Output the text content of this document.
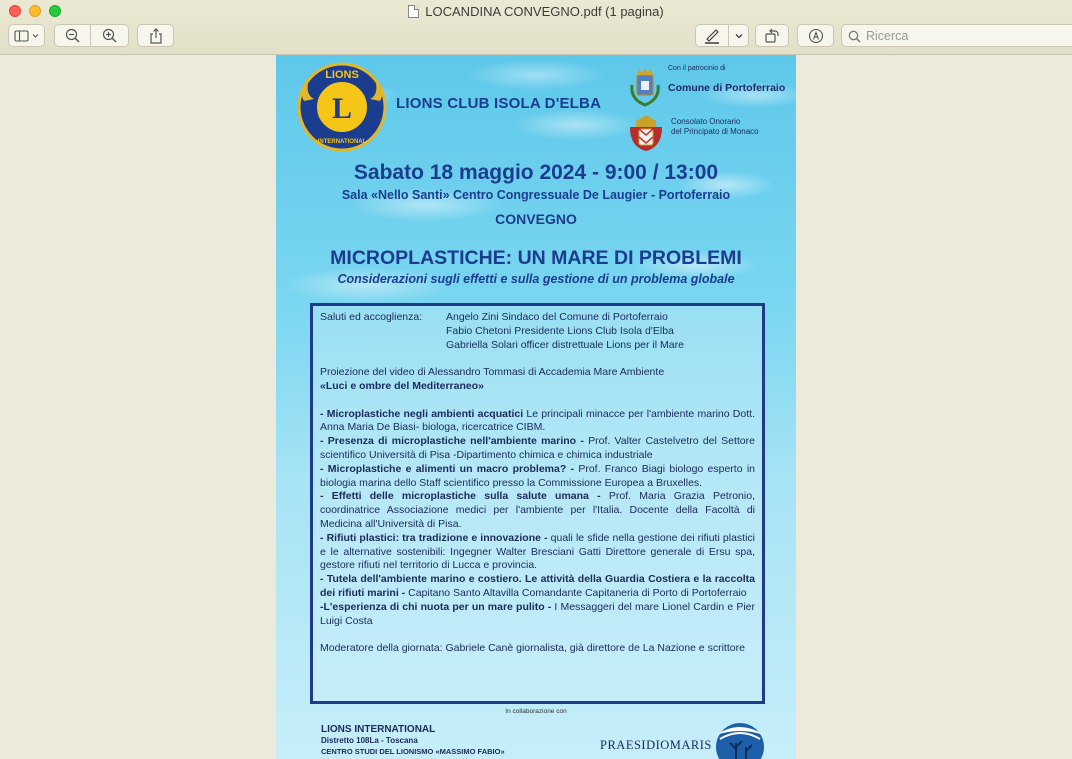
LOCANDINA CONVEGNO.pdf (1 pagina)
Ricerca
LIONS
L
INTERNATIONAL
LIONS CLUB ISOLA D'ELBA
Con il patrocinio di
Comune di Portoferraio
Consolato Onorario
del Principato di Monaco
Sabato 18 maggio 2024 - 9:00 / 13:00
Sala «Nello Santi» Centro Congressuale De Laugier - Portoferraio
CONVEGNO
MICROPLASTICHE: UN MARE DI PROBLEMI
Considerazioni sugli effetti e sulla gestione di un problema globale
Saluti ed accoglienza:	Angelo Zini Sindaco del Comune di Portoferraio
Fabio Chetoni Presidente Lions Club Isola d'Elba
Gabriella Solari officer distrettuale Lions per il Mare
Proiezione del video di Alessandro Tommasi di Accademia Mare Ambiente
«Luci e ombre del Mediterraneo»
- Microplastiche negli ambienti acquatici Le principali minacce per l'ambiente marino Dott. Anna Maria De Biasi- biologa, ricercatrice CIBM.
- Presenza di microplastiche nell'ambiente marino - Prof. Valter Castelvetro del Settore scientifico Università di Pisa -Dipartimento chimica e chimica industriale
- Microplastiche e alimenti un macro problema? - Prof. Franco Biagi biologo esperto in biologia marina dello Staff scientifico presso la Commissione Europea a Bruxelles.
- Effetti delle microplastiche sulla salute umana - Prof. Maria Grazia Petronio, coordinatrice Associazione medici per l'ambiente per l'Italia. Docente della Facoltà di Medicina all'Università di Pisa.
- Rifiuti plastici: tra tradizione e innovazione - quali le sfide nella gestione dei rifiuti plastici e le alternative sostenibili: Ingegner Walter Bresciani Gatti Direttore generale di Ersu spa, gestore rifiuti nel territorio di Lucca e provincia.
- Tutela dell'ambiente marino e costiero. Le attività della Guardia Costiera e la raccolta dei rifiuti marini - Capitano Santo Altavilla Comandante Capitaneria di Porto di Portoferraio
-L'esperienza di chi nuota per un mare pulito - I Messaggeri del mare Lionel Cardin e Pier Luigi Costa
Moderatore della giornata: Gabriele Canè giornalista, già direttore de La Nazione e scrittore
In collaborazione con
LIONS INTERNATIONAL
Distretto 108La - Toscana
CENTRO STUDI DEL LIONISMO «MASSIMO FABIO»	PRAESIDIOMARIS
